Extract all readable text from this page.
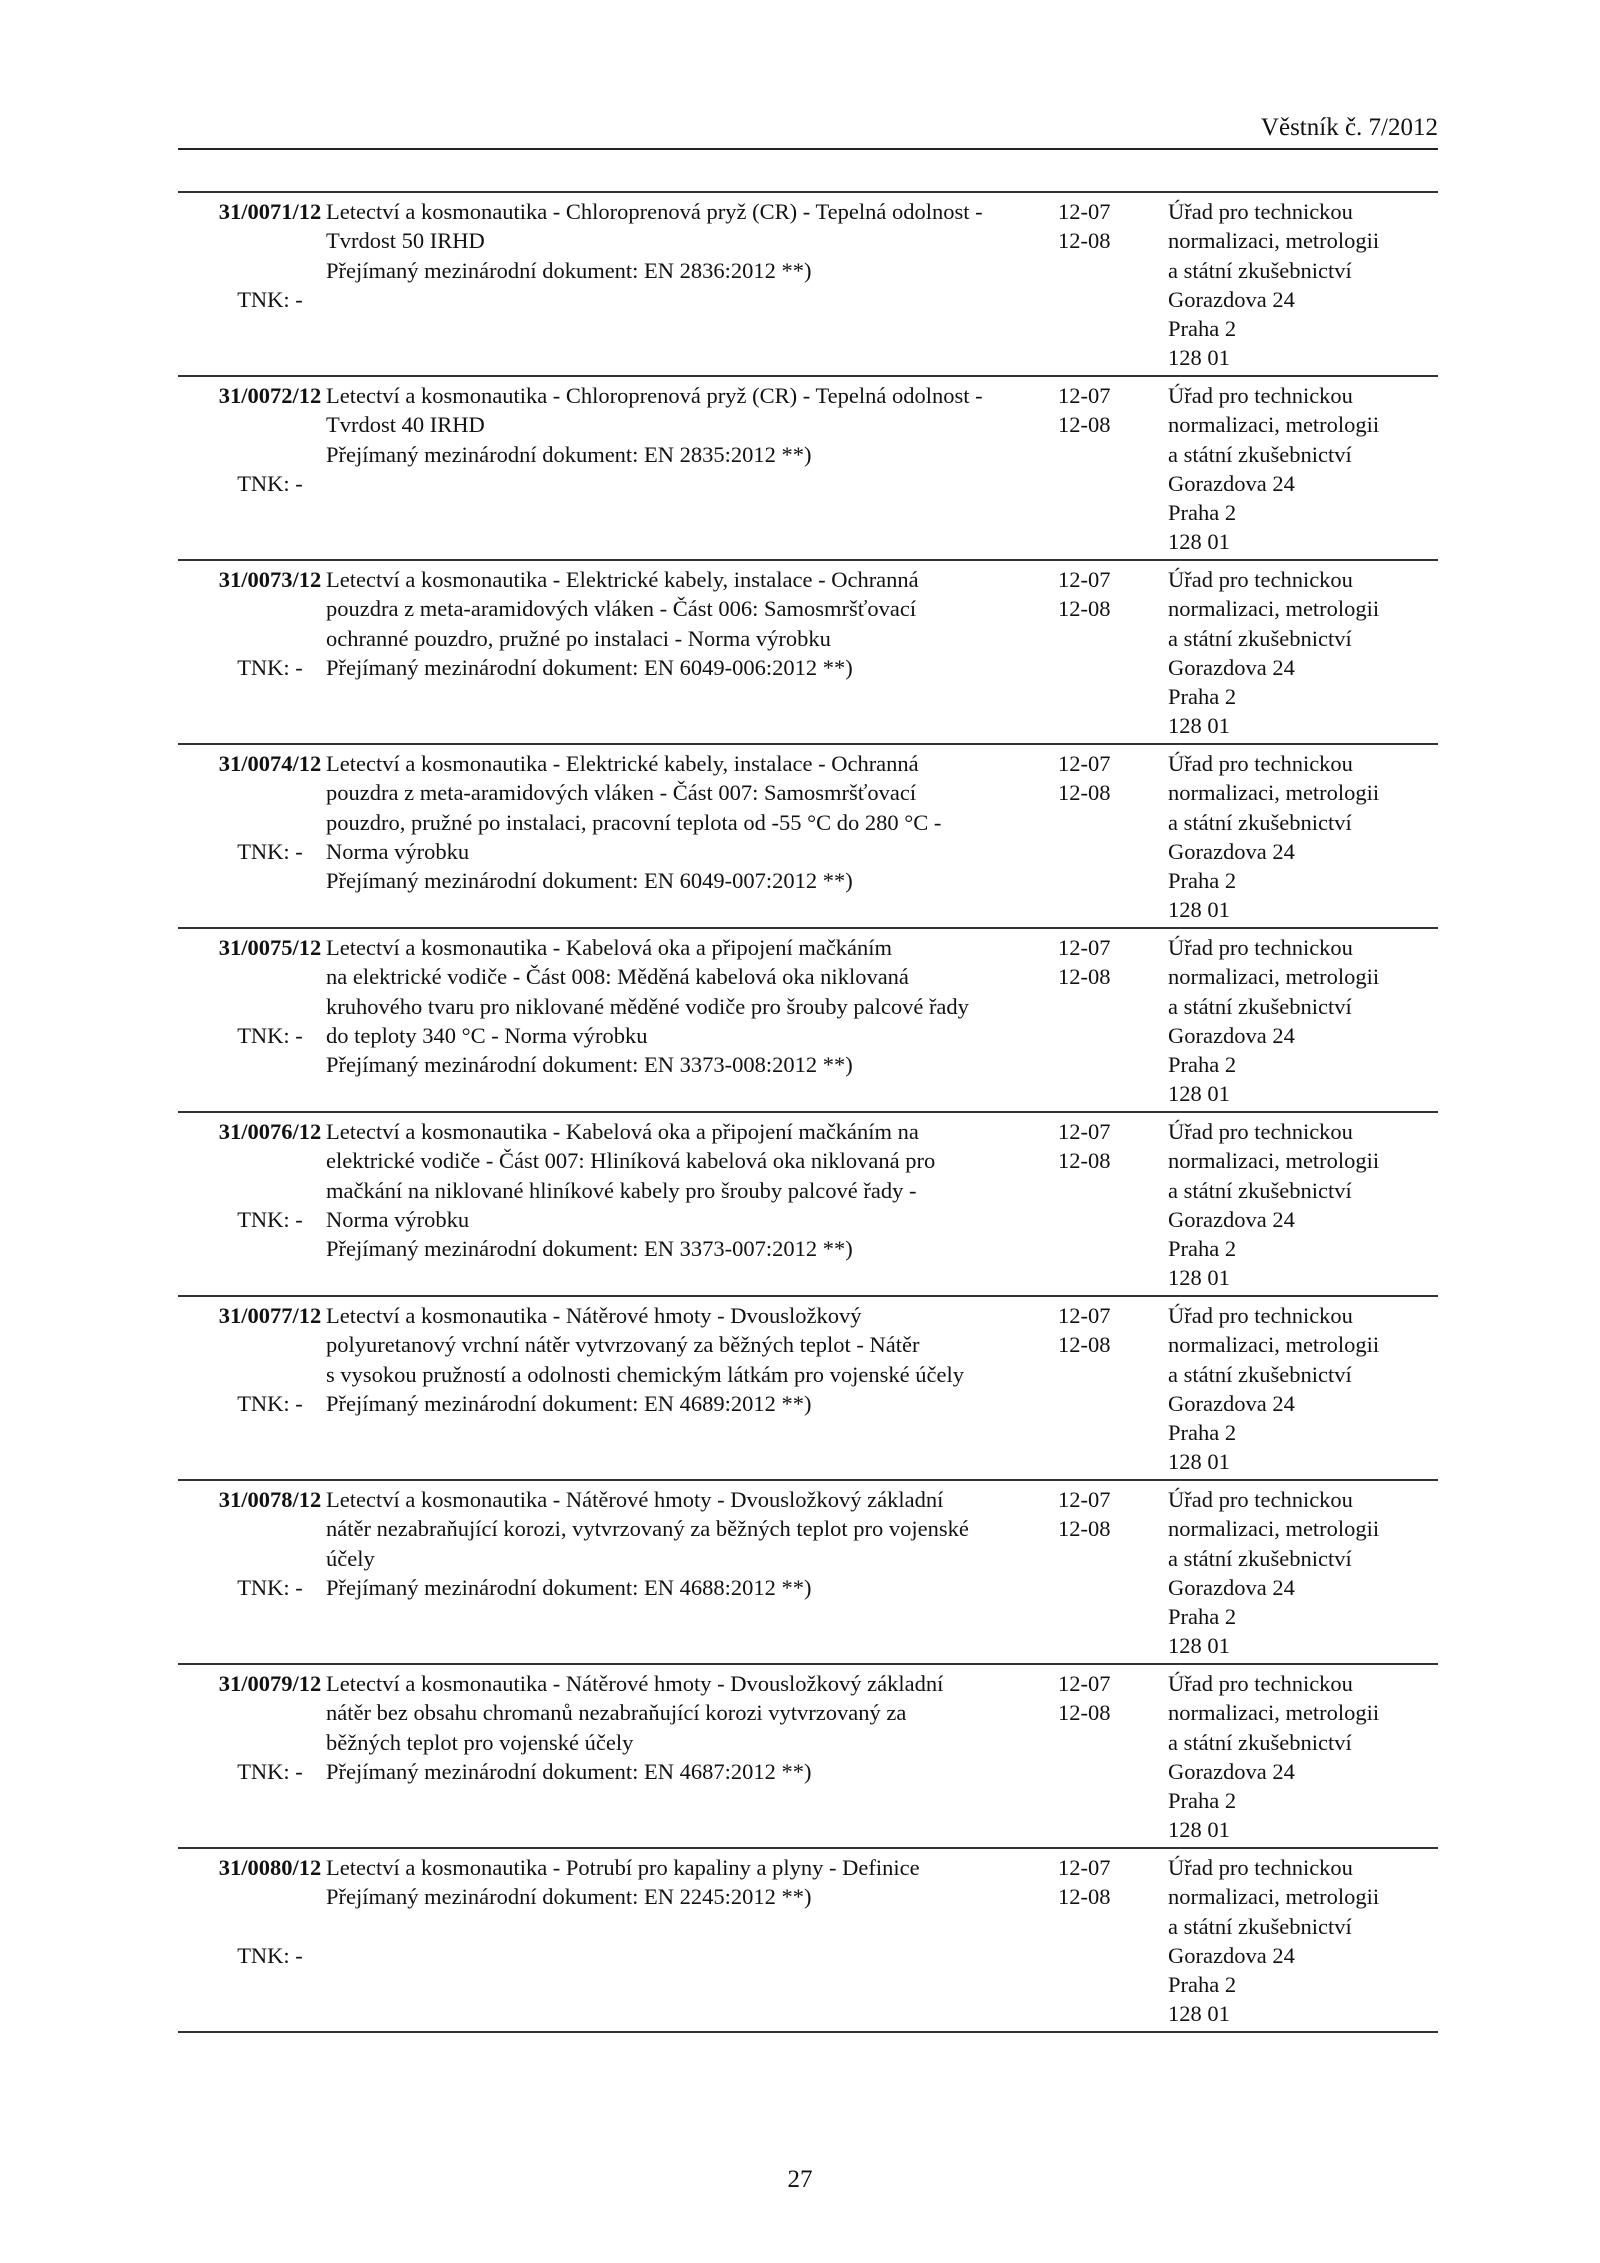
Věstník č. 7/2012
31/0071/12
TNK: -
Letectví a kosmonautika - Chloroprenová pryž (CR) - Tepelná odolnost -
Tvrdost 50 IRHD
Přejímaný mezinárodní dokument: EN 2836:2012 **)
12-07
12-08
Úřad pro technickou
normalizaci, metrologii
a státní zkušebnictví
Gorazdova 24
Praha 2
128 01
31/0072/12
TNK: -
Letectví a kosmonautika - Chloroprenová pryž (CR) - Tepelná odolnost -
Tvrdost 40 IRHD
Přejímaný mezinárodní dokument: EN 2835:2012 **)
12-07
12-08
Úřad pro technickou
normalizaci, metrologii
a státní zkušebnictví
Gorazdova 24
Praha 2
128 01
31/0073/12
TNK: -
Letectví a kosmonautika - Elektrické kabely, instalace - Ochranná
pouzdra z meta-aramidových vláken - Část 006: Samosmršťovací
ochranné pouzdro, pružné po instalaci - Norma výrobku
Přejímaný mezinárodní dokument: EN 6049-006:2012 **)
12-07
12-08
Úřad pro technickou
normalizaci, metrologii
a státní zkušebnictví
Gorazdova 24
Praha 2
128 01
31/0074/12
TNK: -
Letectví a kosmonautika - Elektrické kabely, instalace - Ochranná
pouzdra z meta-aramidových vláken - Část 007: Samosmršťovací
pouzdro, pružné po instalaci, pracovní teplota od -55 °C do 280 °C -
Norma výrobku
Přejímaný mezinárodní dokument: EN 6049-007:2012 **)
12-07
12-08
Úřad pro technickou
normalizaci, metrologii
a státní zkušebnictví
Gorazdova 24
Praha 2
128 01
31/0075/12
TNK: -
Letectví a kosmonautika - Kabelová oka a připojení mačkáním
na elektrické vodiče - Část 008: Měděná kabelová oka niklovaná
kruhového tvaru pro niklované měděné vodiče pro šrouby palcové řady
do teploty 340 °C - Norma výrobku
Přejímaný mezinárodní dokument: EN 3373-008:2012 **)
12-07
12-08
Úřad pro technickou
normalizaci, metrologii
a státní zkušebnictví
Gorazdova 24
Praha 2
128 01
31/0076/12
TNK: -
Letectví a kosmonautika - Kabelová oka a připojení mačkáním na
elektrické vodiče - Část 007: Hliníková kabelová oka niklovaná pro
mačkání na niklované hliníkové kabely pro šrouby palcové řady -
Norma výrobku
Přejímaný mezinárodní dokument: EN 3373-007:2012 **)
12-07
12-08
Úřad pro technickou
normalizaci, metrologii
a státní zkušebnictví
Gorazdova 24
Praha 2
128 01
31/0077/12
TNK: -
Letectví a kosmonautika - Nátěrové hmoty - Dvousložkový
polyuretanový vrchní nátěr vytvrzovaný za běžných teplot - Nátěr
s vysokou pružností a odolnosti chemickým látkám pro vojenské účely
Přejímaný mezinárodní dokument: EN 4689:2012 **)
12-07
12-08
Úřad pro technickou
normalizaci, metrologii
a státní zkušebnictví
Gorazdova 24
Praha 2
128 01
31/0078/12
TNK: -
Letectví a kosmonautika - Nátěrové hmoty - Dvousložkový základní
nátěr nezabraňující korozi, vytvrzovaný za běžných teplot pro vojenské
účely
Přejímaný mezinárodní dokument: EN 4688:2012 **)
12-07
12-08
Úřad pro technickou
normalizaci, metrologii
a státní zkušebnictví
Gorazdova 24
Praha 2
128 01
31/0079/12
TNK: -
Letectví a kosmonautika - Nátěrové hmoty - Dvousložkový základní
nátěr bez obsahu chromanů nezabraňující korozi vytvrzovaný za
běžných teplot pro vojenské účely
Přejímaný mezinárodní dokument: EN 4687:2012 **)
12-07
12-08
Úřad pro technickou
normalizaci, metrologii
a státní zkušebnictví
Gorazdova 24
Praha 2
128 01
31/0080/12
TNK: -
Letectví a kosmonautika - Potrubí pro kapaliny a plyny - Definice
Přejímaný mezinárodní dokument: EN 2245:2012 **)
12-07
12-08
Úřad pro technickou
normalizaci, metrologii
a státní zkušebnictví
Gorazdova 24
Praha 2
128 01
27
